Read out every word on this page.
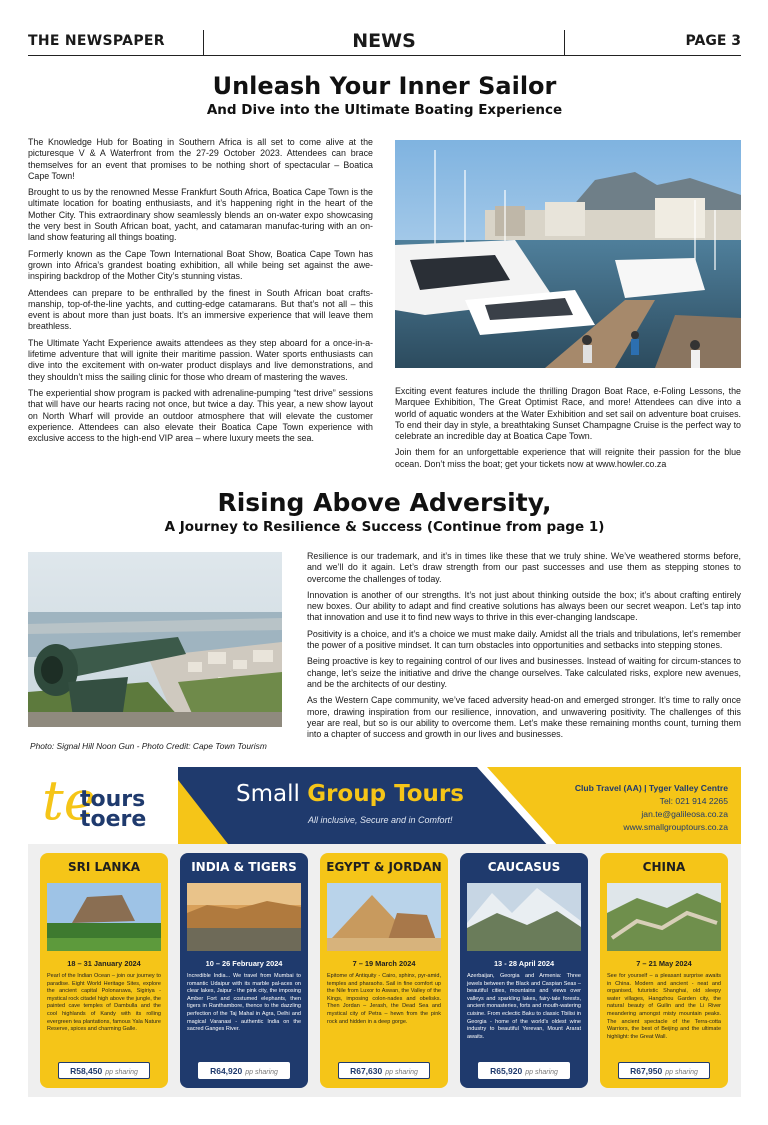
THE NEWSPAPER	NEWS	PAGE 3
Unleash Your Inner Sailor
And Dive into the Ultimate Boating Experience

The Knowledge Hub for Boating in Southern Africa is all set to come alive at the picturesque V & A Waterfront from the 27-29 October 2023. Attendees can brace themselves for an event that promises to be nothing short of spectacular – Boatica Cape Town!

Brought to us by the renowned Messe Frankfurt South Africa, Boatica Cape Town is the ultimate location for boating enthusiasts, and it’s happening right in the heart of the Mother City. This extraordinary show seamlessly blends an on-water expo showcasing the very best in South African boat, yacht, and catamaran manufac-turing with an on-land show featuring all things boating.

Formerly known as the Cape Town International Boat Show, Boatica Cape Town has grown into Africa’s grandest boating exhibition, all while being set against the awe-inspiring backdrop of the Mother City’s stunning vistas.

Attendees can prepare to be enthralled by the finest in South African boat crafts-manship, top-of-the-line yachts, and cutting-edge catamarans. But that’s not all – this event is about more than just boats. It’s an immersive experience that will leave them breathless.

The Ultimate Yacht Experience awaits attendees as they step aboard for a once-in-a-lifetime adventure that will ignite their maritime passion. Water sports enthusiasts can dive into the excitement with on-water product displays and live demonstrations, and they shouldn’t miss the sailing clinic for those who dream of mastering the waves.

The experiential show program is packed with adrenaline-pumping “test drive” sessions that will have our hearts racing not once, but twice a day. This year, a new show layout on North Wharf will provide an outdoor atmosphere that will elevate the customer experience. Attendees can also elevate their Boatica Cape Town experience with exclusive access to the high-end VIP area – where luxury meets the sea.

Exciting event features include the thrilling Dragon Boat Race, e-Foling Lessons, the Marquee Exhibition, The Great Optimist Race, and more! Attendees can dive into a world of aquatic wonders at the Water Exhibition and set sail on adventure boat cruises. To end their day in style, a breathtaking Sunset Champagne Cruise is the perfect way to celebrate an incredible day at Boatica Cape Town.

Join them for an unforgettable experience that will reignite their passion for the blue ocean. Don’t miss the boat; get your tickets now at www.howler.co.za

Rising Above Adversity,
A Journey to Resilience & Success (Continue from page 1)
Photo: Signal Hill Noon Gun - Photo Credit: Cape Town Tourism

Resilience is our trademark, and it’s in times like these that we truly shine. We’ve weathered storms before, and we’ll do it again. Let’s draw strength from our past successes and use them as stepping stones to overcome the challenges of today.

Innovation is another of our strengths. It’s not just about thinking outside the box; it’s about crafting entirely new boxes. Our ability to adapt and find creative solutions has always been our secret weapon. Let’s tap into that innovation and use it to find new ways to thrive in this ever-changing landscape.

Positivity is a choice, and it’s a choice we must make daily. Amidst all the trials and tribulations, let’s remember the power of a positive mindset. It can turn obstacles into opportunities and setbacks into stepping stones.

Being proactive is key to regaining control of our lives and businesses. Instead of waiting for circum-stances to change, let’s seize the initiative and drive the change ourselves. Take calculated risks, explore new avenues, and be the architects of our destiny.

As the Western Cape community, we’ve faced adversity head-on and emerged stronger. It’s time to rally once more, drawing inspiration from our resilience, innovation, and unwavering positivity. The challenges of this year are real, but so is our ability to overcome them. Let’s make these remaining months count, turning them into a chapter of success and growth in our lives and businesses.

te
tours
toere
Small Group Tours
All inclusive, Secure and in Comfort!
Club Travel (AA) | Tyger Valley Centre
Tel: 021 914 2265
jan.te@galileosa.co.za
www.smallgrouptours.co.za
SRI LANKA
18 – 31 January 2024
Pearl of the Indian Ocean – join our journey to paradise. Eight World Heritage Sites, explore the ancient capital Polonaruwa, Sigiriya - mystical rock citadel high above the jungle, the painted cave temples of Dambulla and the cool highlands of Kandy with its rolling evergreen tea plantations, famous Yala Nature Reserve, spices and charming Galle.
R58,450 pp sharing
INDIA & TIGERS
10 – 26 February 2024
Incredible India... We travel from Mumbai to romantic Udaipur with its marble pal-aces on clear lakes, Jaipur - the pink city, the imposing Amber Fort and costumed elephants, then tigers in Ranthambore, thence to the dazzling perfection of the Taj Mahal in Agra, Delhi and magical Varanasi - authentic India on the sacred Ganges River.
R64,920 pp sharing
EGYPT & JORDAN
7 – 19 March 2024
Epitome of Antiquity - Cairo, sphinx, pyr-amid, temples and pharaohs. Sail in fine comfort up the Nile from Luxor to Aswan, the Valley of the Kings, imposing colon-nades and obelisks. Then Jordan – Jerash, the Dead Sea and mystical city of Petra – hewn from the pink rock and hidden in a deep gorge.
R67,630 pp sharing
CAUCASUS
13 - 28 April 2024
Azerbaijan, Georgia and Armenia: Three jewels between the Black and Caspian Seas – beautiful cities, mountains and views over valleys and sparkling lakes, fairy-tale forests, ancient monasteries, forts and mouth-watering cuisine. From eclectic Baku to classic Tbilisi in Georgia - home of the world’s oldest wine industry to beautiful Yerevan, Mount Ararat awaits.
R65,920 pp sharing
CHINA
7 – 21 May 2024
See for yourself – a pleasant surprise awaits in China. Modern and ancient - neat and organised, futuristic Shanghai, old sleepy water villages, Hangzhou Garden city, the natural beauty of Guilin and the Li River meandering amongst misty mountain peaks. The ancient spectacle of the Terra-cotta Warriors, the best of Beijing and the ultimate highlight: the Great Wall.
R67,950 pp sharing
